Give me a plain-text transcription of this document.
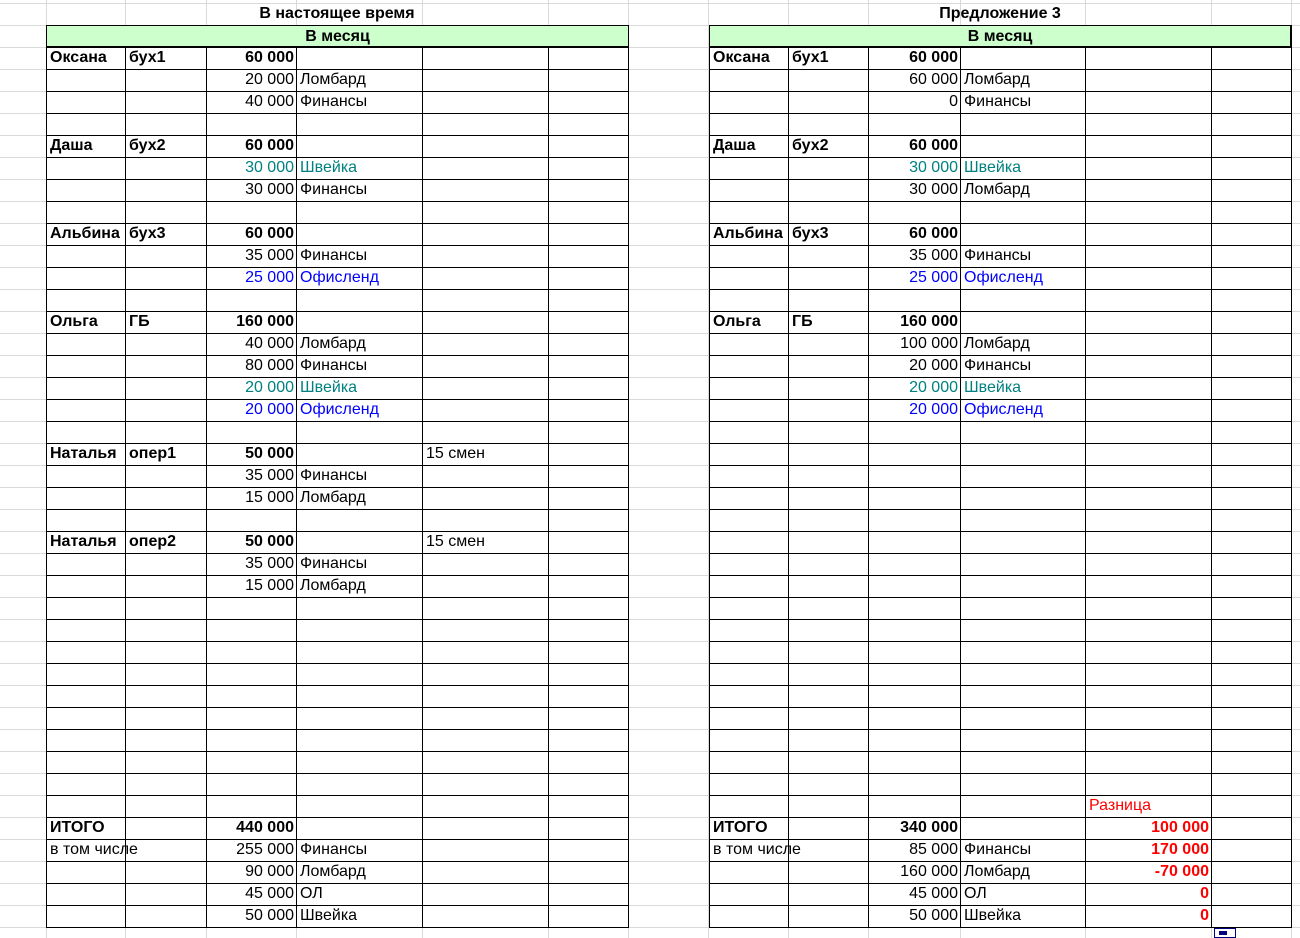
Оксана	бух1	60 000
20 000 Ломбард
40 000 Финансы
Даша	бух2	60 000
30 000 Швейка
30 000 Финансы
Альбина бух3	60 000
35 000 Финансы
25 000 Офисленд
Ольга	ГБ	160 000
40 000 Ломбард
80 000 Финансы
20 000 Швейка
20 000 Офисленд
Наталья опер1	50 000	15 смен
35 000 Финансы
15 000 Ломбард
Наталья опер2	50 000	15 смен
35 000 Финансы
15 000 Ломбард
ИТОГО	440 000
в том числе	255 000 Финансы
90 000 Ломбард
45 000 ОЛ
50 000 Швейка
Оксана	бух1	60 000
60 000 Ломбард
0 Финансы
Даша	бух2	60 000
30 000 Швейка
30 000 Ломбард
Альбина бух3	60 000
35 000 Финансы
25 000 Офисленд
Ольга	ГБ	160 000
100 000 Ломбард
20 000 Финансы
20 000 Швейка
20 000 Офисленд
Разница
ИТОГО	340 000	100 000
в том числе	85 000 Финансы	170 000
160 000 Ломбард	-70 000
45 000 ОЛ	0
50 000 Швейка	0
В настоящее время
В месяц
Предложение 3
В месяц
